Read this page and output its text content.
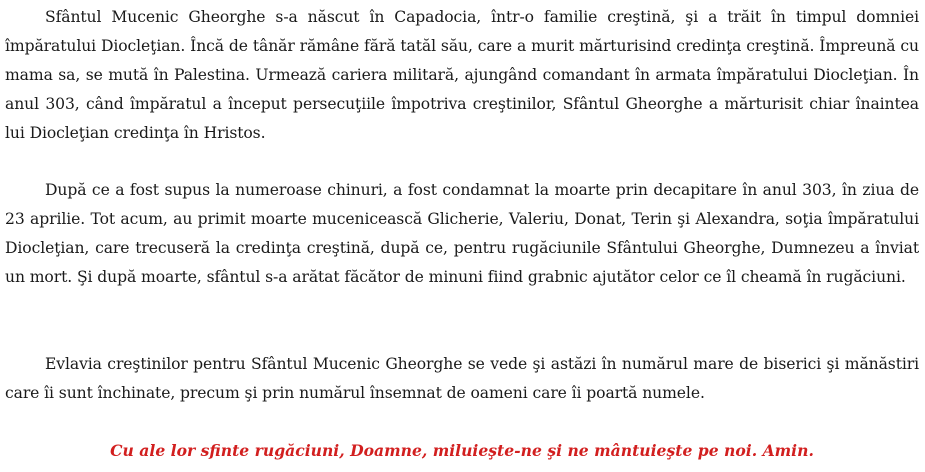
Sfântul Mucenic Gheorghe s-a născut în Capadocia, într-o familie creştină, şi a trăit în timpul domniei împăratului Diocleţian. Încă de tânăr rămâne fără tatăl său, care a murit mărturisind credinţa creştină. Împreună cu mama sa, se mută în Palestina. Urmează cariera militară, ajungând comandant în armata împăratului Diocleţian. În anul 303, când împăratul a început persecuţiile împotriva creştinilor, Sfântul Gheorghe a mărturisit chiar înaintea lui Diocleţian credinţa în Hristos.

După ce a fost supus la numeroase chinuri, a fost condamnat la moarte prin decapitare în anul 303, în ziua de 23 aprilie. Tot acum, au primit moarte mucenicească Glicherie, Valeriu, Donat, Terin şi Alexandra, soţia împăratului Diocleţian, care trecuseră la credinţa creştină, după ce, pentru rugăciunile Sfântului Gheorghe, Dumnezeu a înviat un mort. Şi după moarte, sfântul s-a arătat făcător de minuni fiind grabnic ajutător celor ce îl cheamă în rugăciuni.

Evlavia creştinilor pentru Sfântul Mucenic Gheorghe se vede şi astăzi în numărul mare de biserici şi mănăstiri care îi sunt închinate, precum şi prin numărul însemnat de oameni care îi poartă numele.

Cu ale lor sfinte rugăciuni, Doamne, miluieşte-ne şi ne mântuieşte pe noi. Amin.
